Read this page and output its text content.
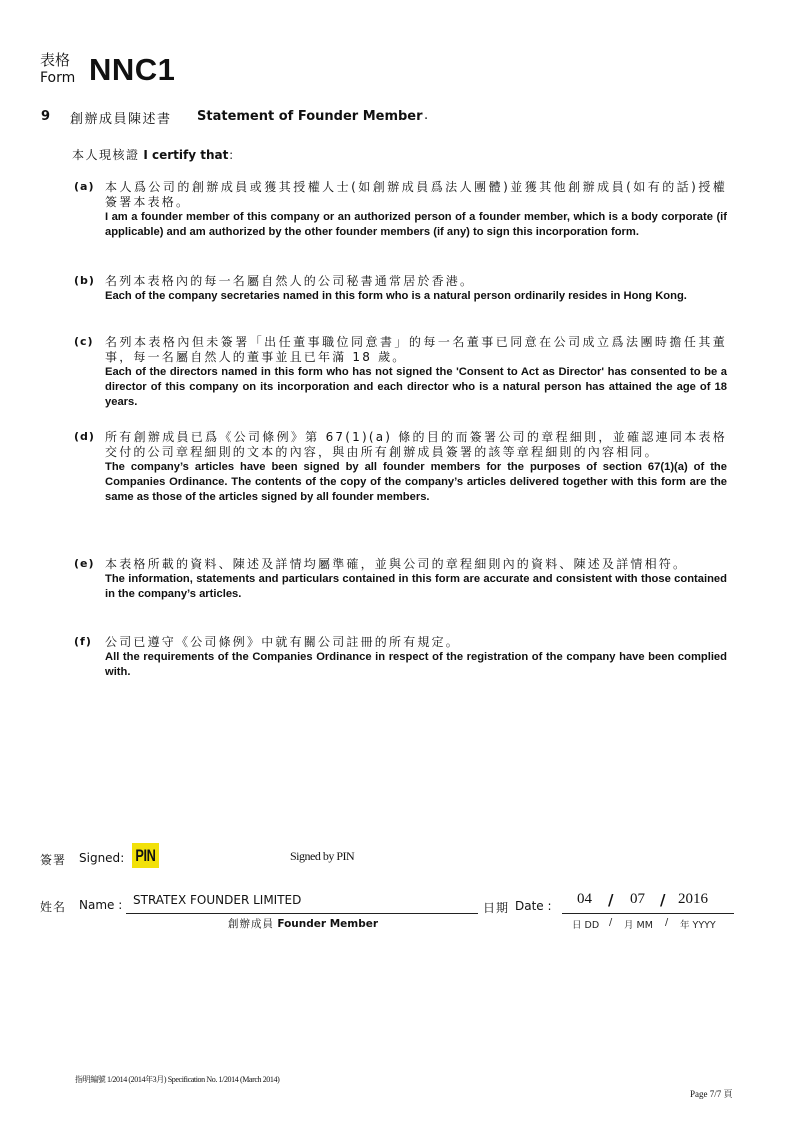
表格
Form NNC1
9 創辦成員陳述書 Statement of Founder Member .
本人現核證 I certify that：
(a) 本人爲公司的創辦成員或獲其授權人士(如創辦成員爲法人團體)並獲其他創辦成員(如有的話)授權簽署本表格。
I am a founder member of this company or an authorized person of a founder member, which is a body corporate (if applicable) and am authorized by the other founder members (if any) to sign this incorporation form.
(b) 名列本表格內的每一名屬自然人的公司秘書通常居於香港。
Each of the company secretaries named in this form who is a natural person ordinarily resides in Hong Kong.
(c) 名列本表格內但未簽署「出任董事職位同意書」的每一名董事已同意在公司成立爲法團時擔任其董事，每一名屬自然人的董事並且已年滿 18 歲。
Each of the directors named in this form who has not signed the 'Consent to Act as Director' has consented to be a director of this company on its incorporation and each director who is a natural person has attained the age of 18 years.
(d) 所有創辦成員已爲《公司條例》第 67(1)(a) 條的目的而簽署公司的章程細則，並確認連同本表格交付的公司章程細則的文本的內容，與由所有創辦成員簽署的該等章程細則的內容相同。
The company’s articles have been signed by all founder members for the purposes of section 67(1)(a) of the Companies Ordinance. The contents of the copy of the company’s articles delivered together with this form are the same as those of the articles signed by all founder members.
(e) 本表格所載的資料、陳述及詳情均屬準確，並與公司的章程細則內的資料、陳述及詳情相符。
The information, statements and particulars contained in this form are accurate and consistent with those contained in the company’s articles.
(f) 公司已遵守《公司條例》中就有關公司註冊的所有規定。
All the requirements of the Companies Ordinance in respect of the registration of the company have been complied with.
簽署 Signed: PIN	Signed by PIN
姓名 Name : STRATEX FOUNDER LIMITED
創辦成員 Founder Member
日期 Date : 04 / 07 / 2016
日 DD / 月 MM / 年 YYYY
指明編號 1/2014 (2014年3月) Specification No. 1/2014 (March 2014)
Page 7/7 頁
